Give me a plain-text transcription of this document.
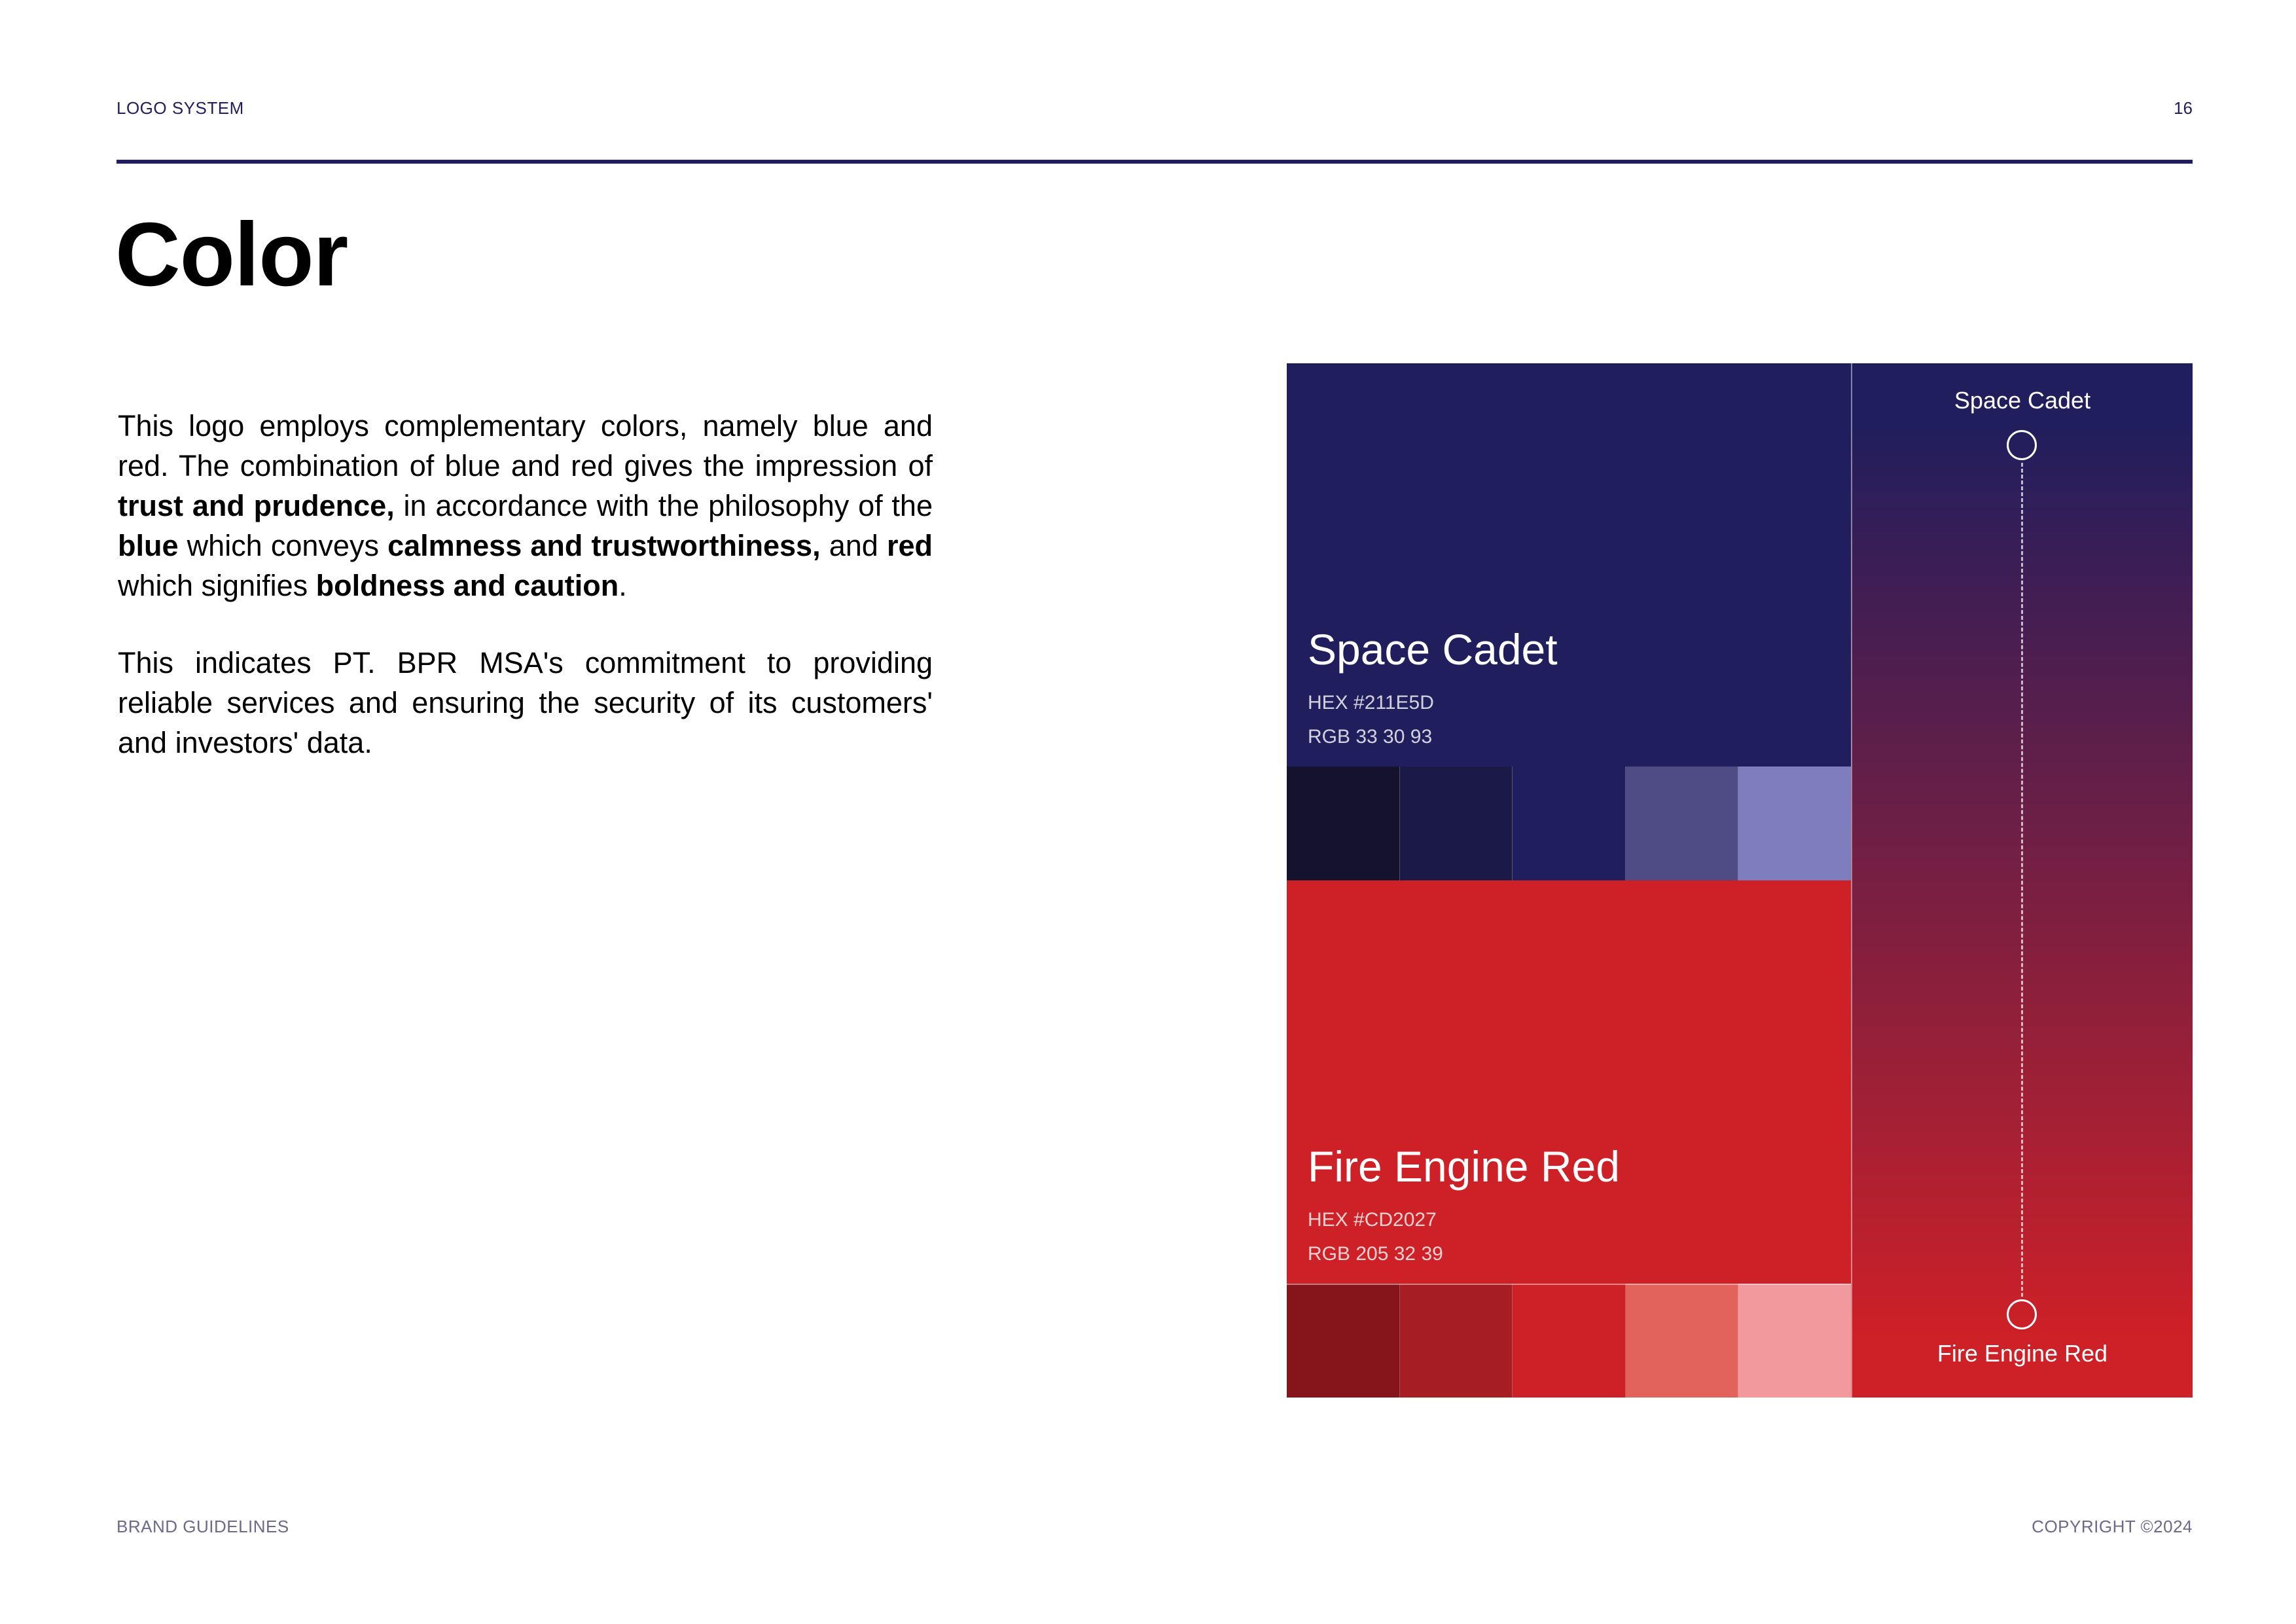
LOGO SYSTEM	16
Color

This logo employs complementary colors, namely blue and red. The combination of blue and red gives the impression of trust and prudence, in accordance with the philosophy of the blue which conveys calmness and trustworthiness, and red which signifies boldness and caution.

This indicates PT. BPR MSA's commitment to providing reliable services and ensuring the security of its customers' and investors' data.

Space Cadet
HEX #211E5D
RGB 33 30 93
Fire Engine Red
HEX #CD2027
RGB 205 32 39
Space Cadet
Fire Engine Red
BRAND GUIDELINES	COPYRIGHT ©2024
